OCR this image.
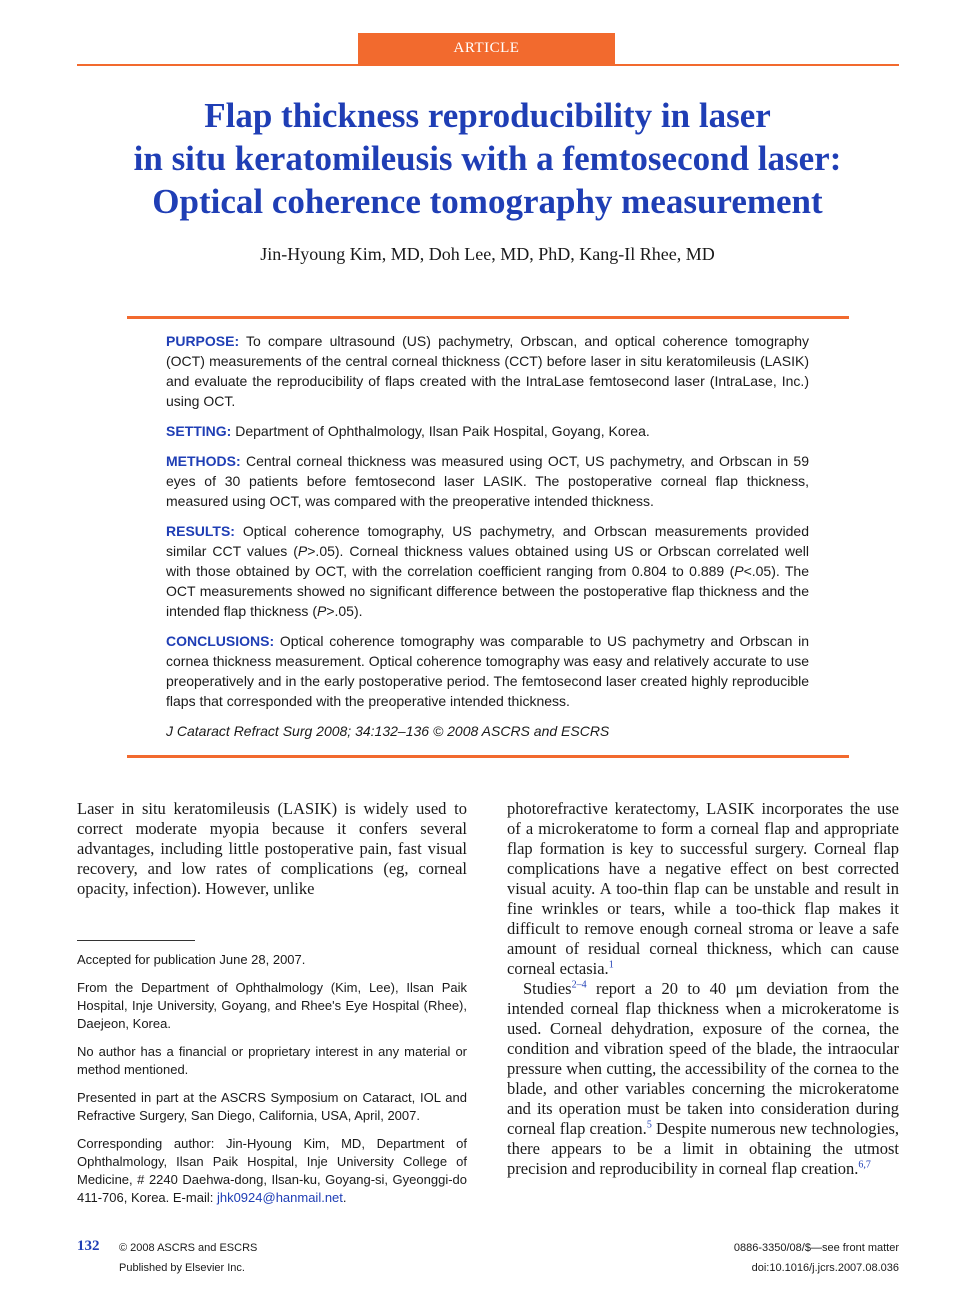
ARTICLE
Flap thickness reproducibility in laser
in situ keratomileusis with a femtosecond laser:
Optical coherence tomography measurement
Jin-Hyoung Kim, MD, Doh Lee, MD, PhD, Kang-Il Rhee, MD

PURPOSE: To compare ultrasound (US) pachymetry, Orbscan, and optical coherence tomography (OCT) measurements of the central corneal thickness (CCT) before laser in situ keratomileusis (LASIK) and evaluate the reproducibility of flaps created with the IntraLase femtosecond laser (IntraLase, Inc.) using OCT.

SETTING: Department of Ophthalmology, Ilsan Paik Hospital, Goyang, Korea.

METHODS: Central corneal thickness was measured using OCT, US pachymetry, and Orbscan in 59 eyes of 30 patients before femtosecond laser LASIK. The postoperative corneal flap thickness, measured using OCT, was compared with the preoperative intended thickness.

RESULTS: Optical coherence tomography, US pachymetry, and Orbscan measurements provided similar CCT values (P>.05). Corneal thickness values obtained using US or Orbscan correlated well with those obtained by OCT, with the correlation coefficient ranging from 0.804 to 0.889 (P<.05). The OCT measurements showed no significant difference between the postoperative flap thickness and the intended flap thickness (P>.05).

CONCLUSIONS: Optical coherence tomography was comparable to US pachymetry and Orbscan in cornea thickness measurement. Optical coherence tomography was easy and relatively accurate to use preoperatively and in the early postoperative period. The femtosecond laser created highly reproducible flaps that corresponded with the preoperative intended thickness.

J Cataract Refract Surg 2008; 34:132–136 © 2008 ASCRS and ESCRS

Laser in situ keratomileusis (LASIK) is widely used to correct moderate myopia because it confers several advantages, including little postoperative pain, fast visual recovery, and low rates of complications (eg, corneal opacity, infection). However, unlike

Accepted for publication June 28, 2007.

From the Department of Ophthalmology (Kim, Lee), Ilsan Paik Hospital, Inje University, Goyang, and Rhee's Eye Hospital (Rhee), Daejeon, Korea.

No author has a financial or proprietary interest in any material or method mentioned.

Presented in part at the ASCRS Symposium on Cataract, IOL and Refractive Surgery, San Diego, California, USA, April, 2007.

Corresponding author: Jin-Hyoung Kim, MD, Department of Ophthalmology, Ilsan Paik Hospital, Inje University College of Medicine, # 2240 Daehwa-dong, Ilsan-ku, Goyang-si, Gyeonggi-do 411-706, Korea. E-mail: jhk0924@hanmail.net.

photorefractive keratectomy, LASIK incorporates the use of a microkeratome to form a corneal flap and appropriate flap formation is key to successful surgery. Corneal flap complications have a negative effect on best corrected visual acuity. A too-thin flap can be unstable and result in fine wrinkles or tears, while a too-thick flap makes it difficult to remove enough corneal stroma or leave a safe amount of residual corneal thickness, which can cause corneal ectasia.$^1$

Studies$^{2-4}$ report a 20 to 40 μm deviation from the intended corneal flap thickness when a microkeratome is used. Corneal dehydration, exposure of the cornea, the condition and vibration speed of the blade, the intraocular pressure when cutting, the accessibility of the cornea to the blade, and other variables concerning the microkeratome and its operation must be taken into consideration during corneal flap creation.$^5$ Despite numerous new technologies, there appears to be a limit in obtaining the utmost precision and reproducibility in corneal flap creation.$^{6,7}$

132 © 2008 ASCRS and ESCRS
Published by Elsevier Inc.
0886-3350/08/$—see front matter
doi:10.1016/j.jcrs.2007.08.036
